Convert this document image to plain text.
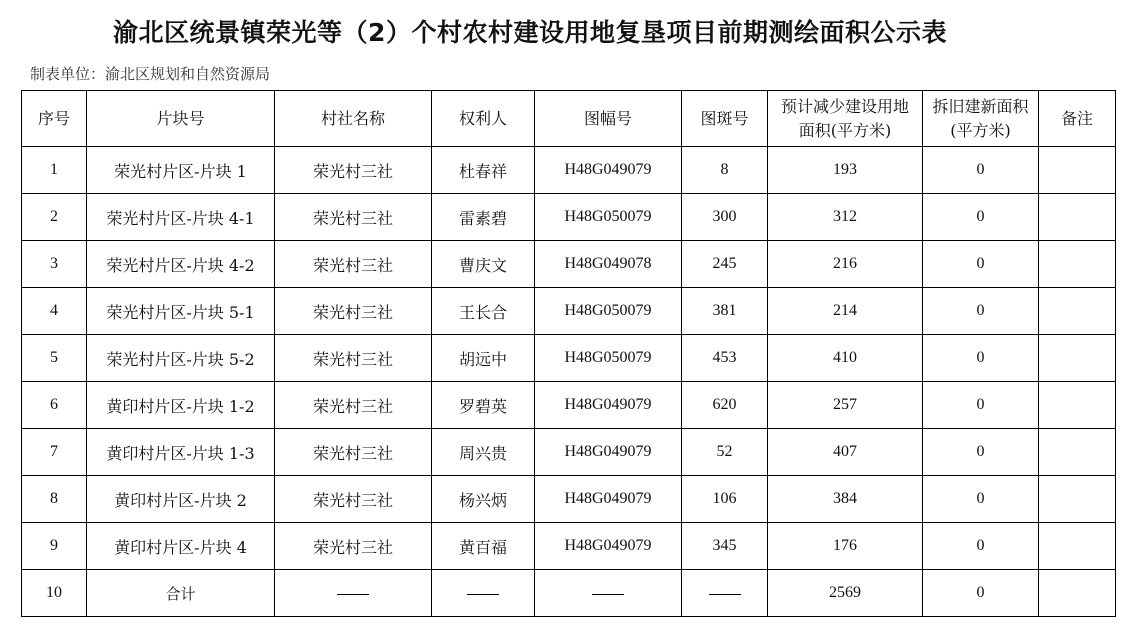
渝北区统景镇荣光等（2）个村农村建设用地复垦项目前期测绘面积公示表
制表单位：渝北区规划和自然资源局
序号	片块号	村社名称	权利人	图幅号	图斑号	预计减少建设用地面积(平方米)	拆旧建新面积(平方米)	备注
1	荣光村片区-片块 1	荣光村三社	杜春祥	H48G049079	8	193	0	
2	荣光村片区-片块 4-1	荣光村三社	雷素碧	H48G050079	300	312	0	
3	荣光村片区-片块 4-2	荣光村三社	曹庆文	H48G049078	245	216	0	
4	荣光村片区-片块 5-1	荣光村三社	王长合	H48G050079	381	214	0	
5	荣光村片区-片块 5-2	荣光村三社	胡远中	H48G050079	453	410	0	
6	黄印村片区-片块 1-2	荣光村三社	罗碧英	H48G049079	620	257	0	
7	黄印村片区-片块 1-3	荣光村三社	周兴贵	H48G049079	52	407	0	
8	黄印村片区-片块 2	荣光村三社	杨兴炳	H48G049079	106	384	0	
9	黄印村片区-片块 4	荣光村三社	黄百福	H48G049079	345	176	0	
10	合计					2569	0	
